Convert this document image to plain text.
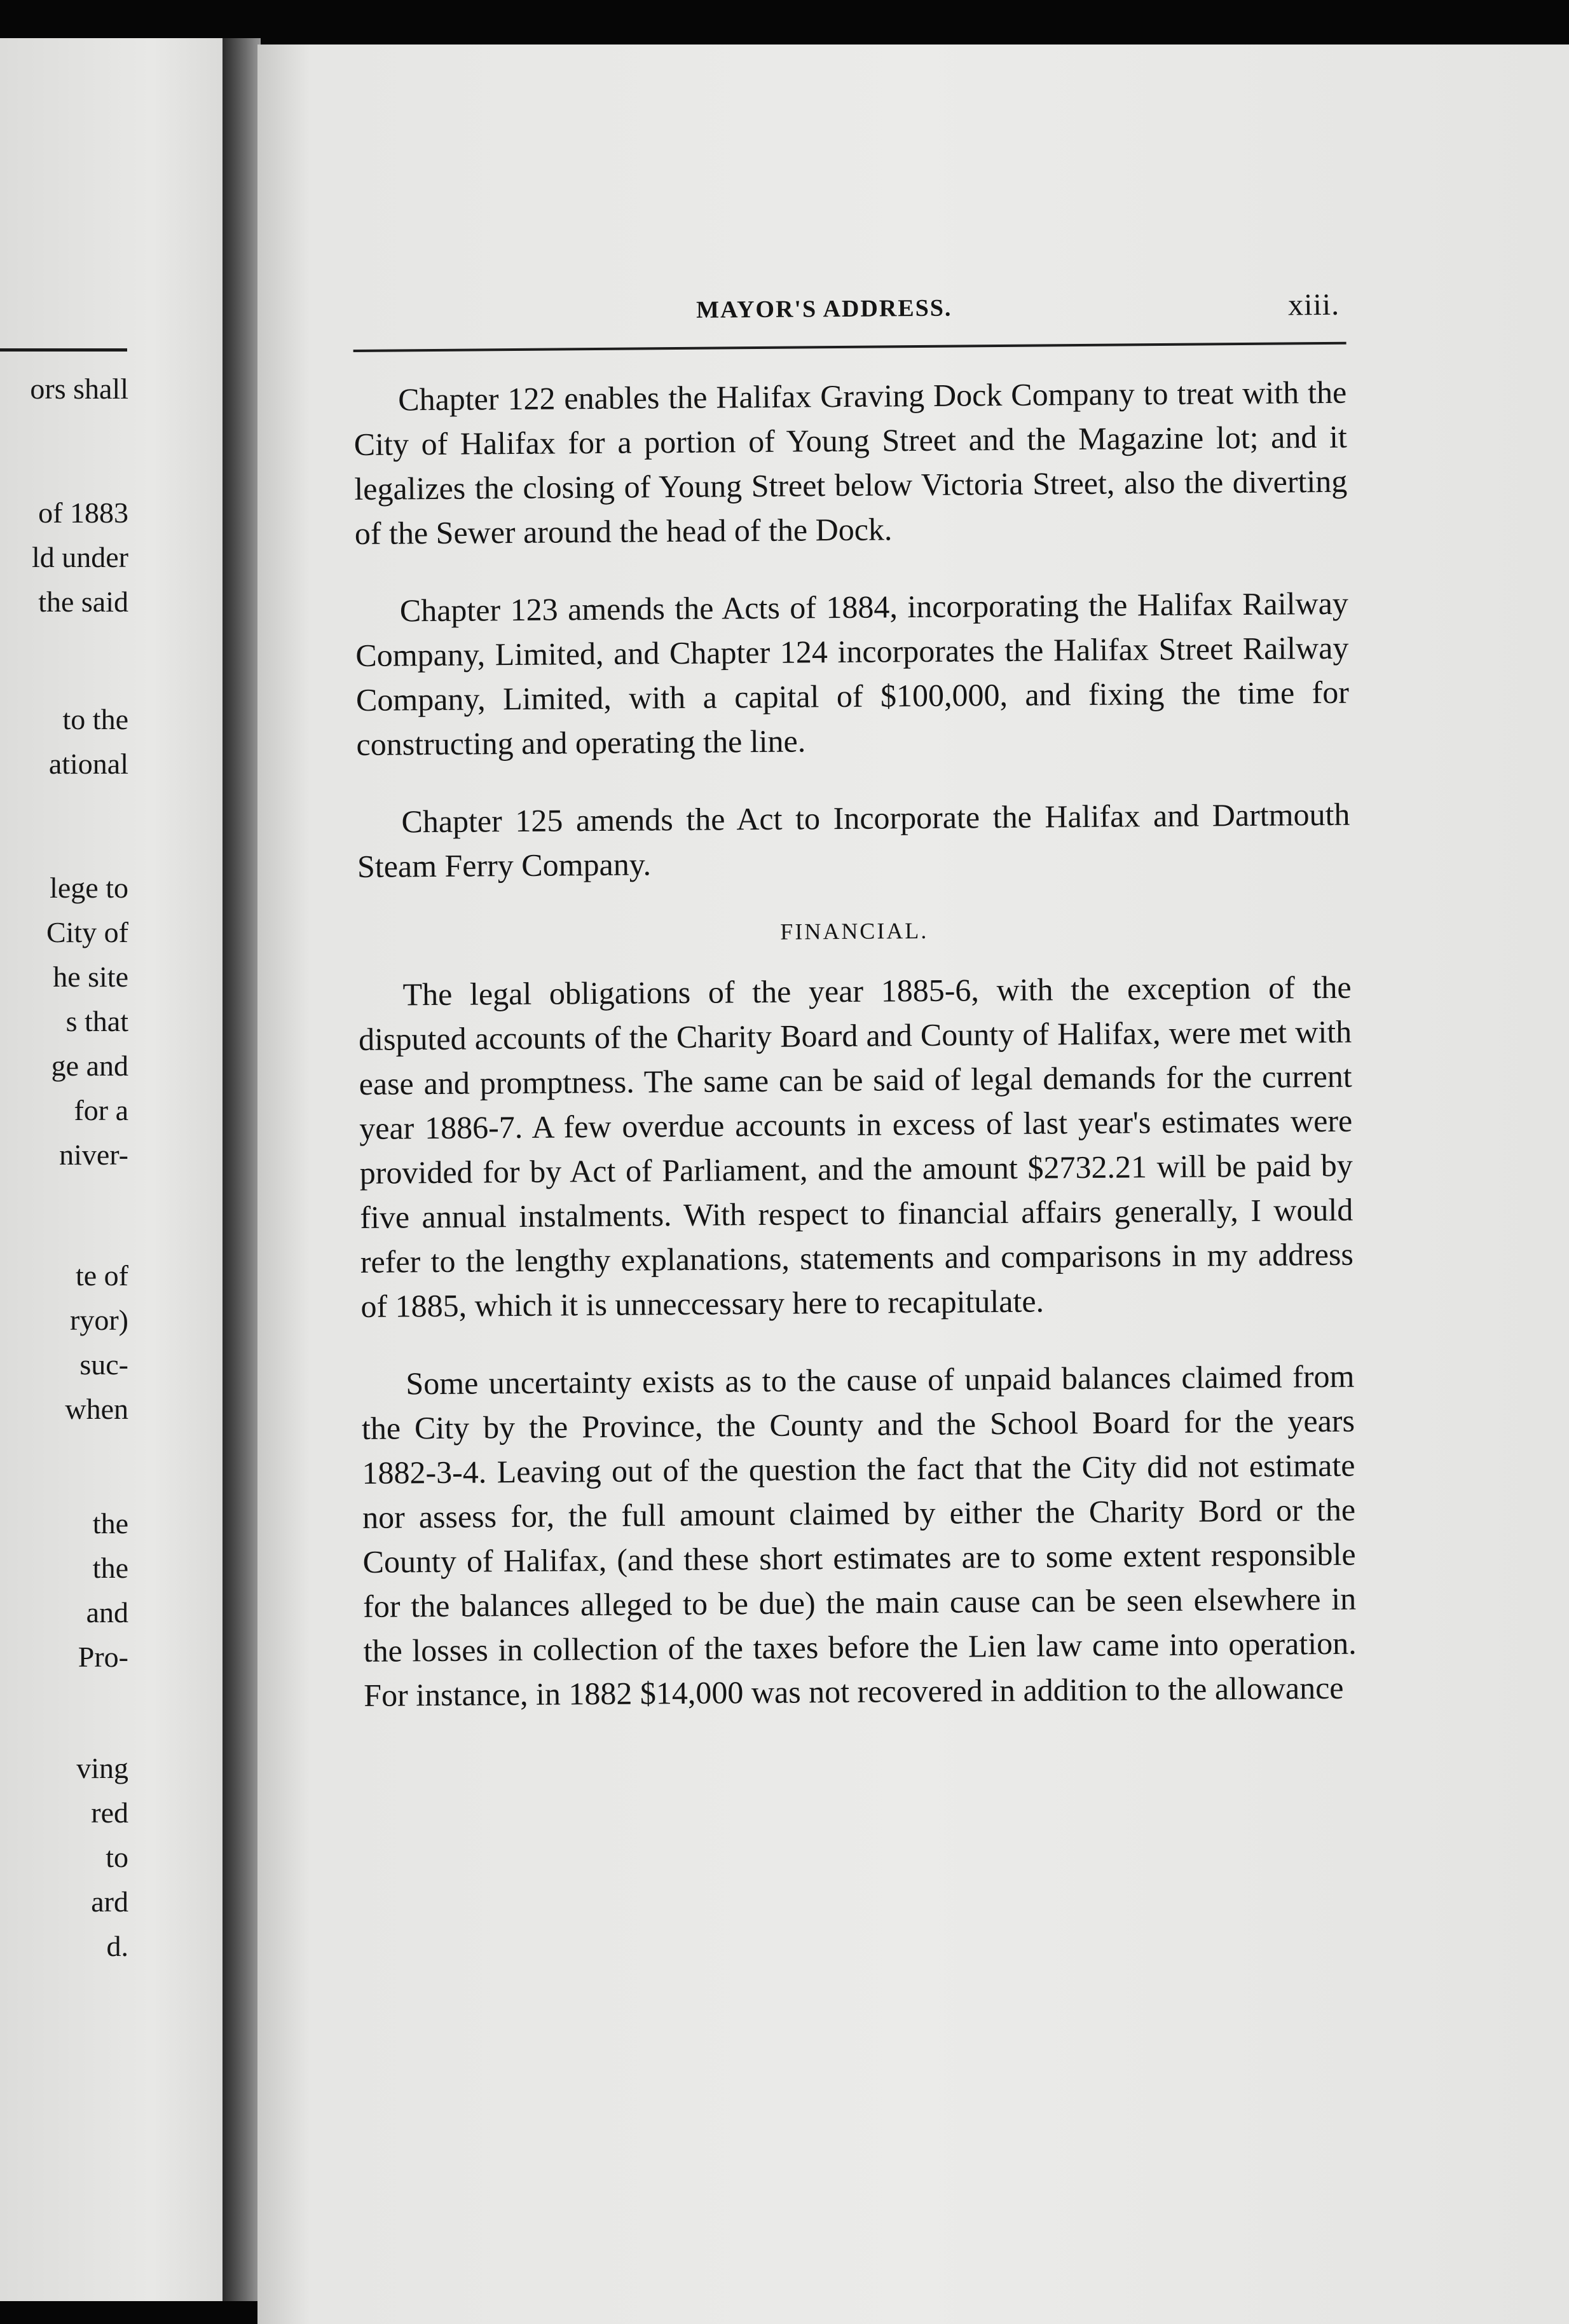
ors shall
of 1883
ld under
the said
to the
ational
lege to
City of
he site
s that
ge and
for a
niver-
te of
ryor)
suc-
when
the
the
and
Pro-
ving
red
to
ard
d.
MAYOR'S ADDRESS.	xiii.

Chapter 122 enables the Halifax Graving Dock Company to treat with the City of Halifax for a portion of Young Street and the Magazine lot; and it legalizes the closing of Young Street below Victoria Street, also the diverting of the Sewer around the head of the Dock.

Chapter 123 amends the Acts of 1884, incorporating the Halifax Railway Company, Limited, and Chapter 124 incorporates the Halifax Street Railway Company, Limited, with a capital of $100,000, and fixing the time for constructing and operating the line.

Chapter 125 amends the Act to Incorporate the Halifax and Dartmouth Steam Ferry Company.

FINANCIAL.

The legal obligations of the year 1885-6, with the exception of the disputed accounts of the Charity Board and County of Halifax, were met with ease and promptness. The same can be said of legal demands for the current year 1886-7. A few overdue accounts in excess of last year's estimates were provided for by Act of Parliament, and the amount $2732.21 will be paid by five annual instalments. With respect to financial affairs generally, I would refer to the lengthy explanations, statements and comparisons in my address of 1885, which it is unneccessary here to recapitulate.

Some uncertainty exists as to the cause of unpaid balances claimed from the City by the Province, the County and the School Board for the years 1882-3-4. Leaving out of the question the fact that the City did not estimate nor assess for, the full amount claimed by either the Charity Bord or the County of Halifax, (and these short estimates are to some extent responsible for the balances alleged to be due) the main cause can be seen elsewhere in the losses in collection of the taxes before the Lien law came into operation. For instance, in 1882 $14,000 was not recovered in addition to the allowance
